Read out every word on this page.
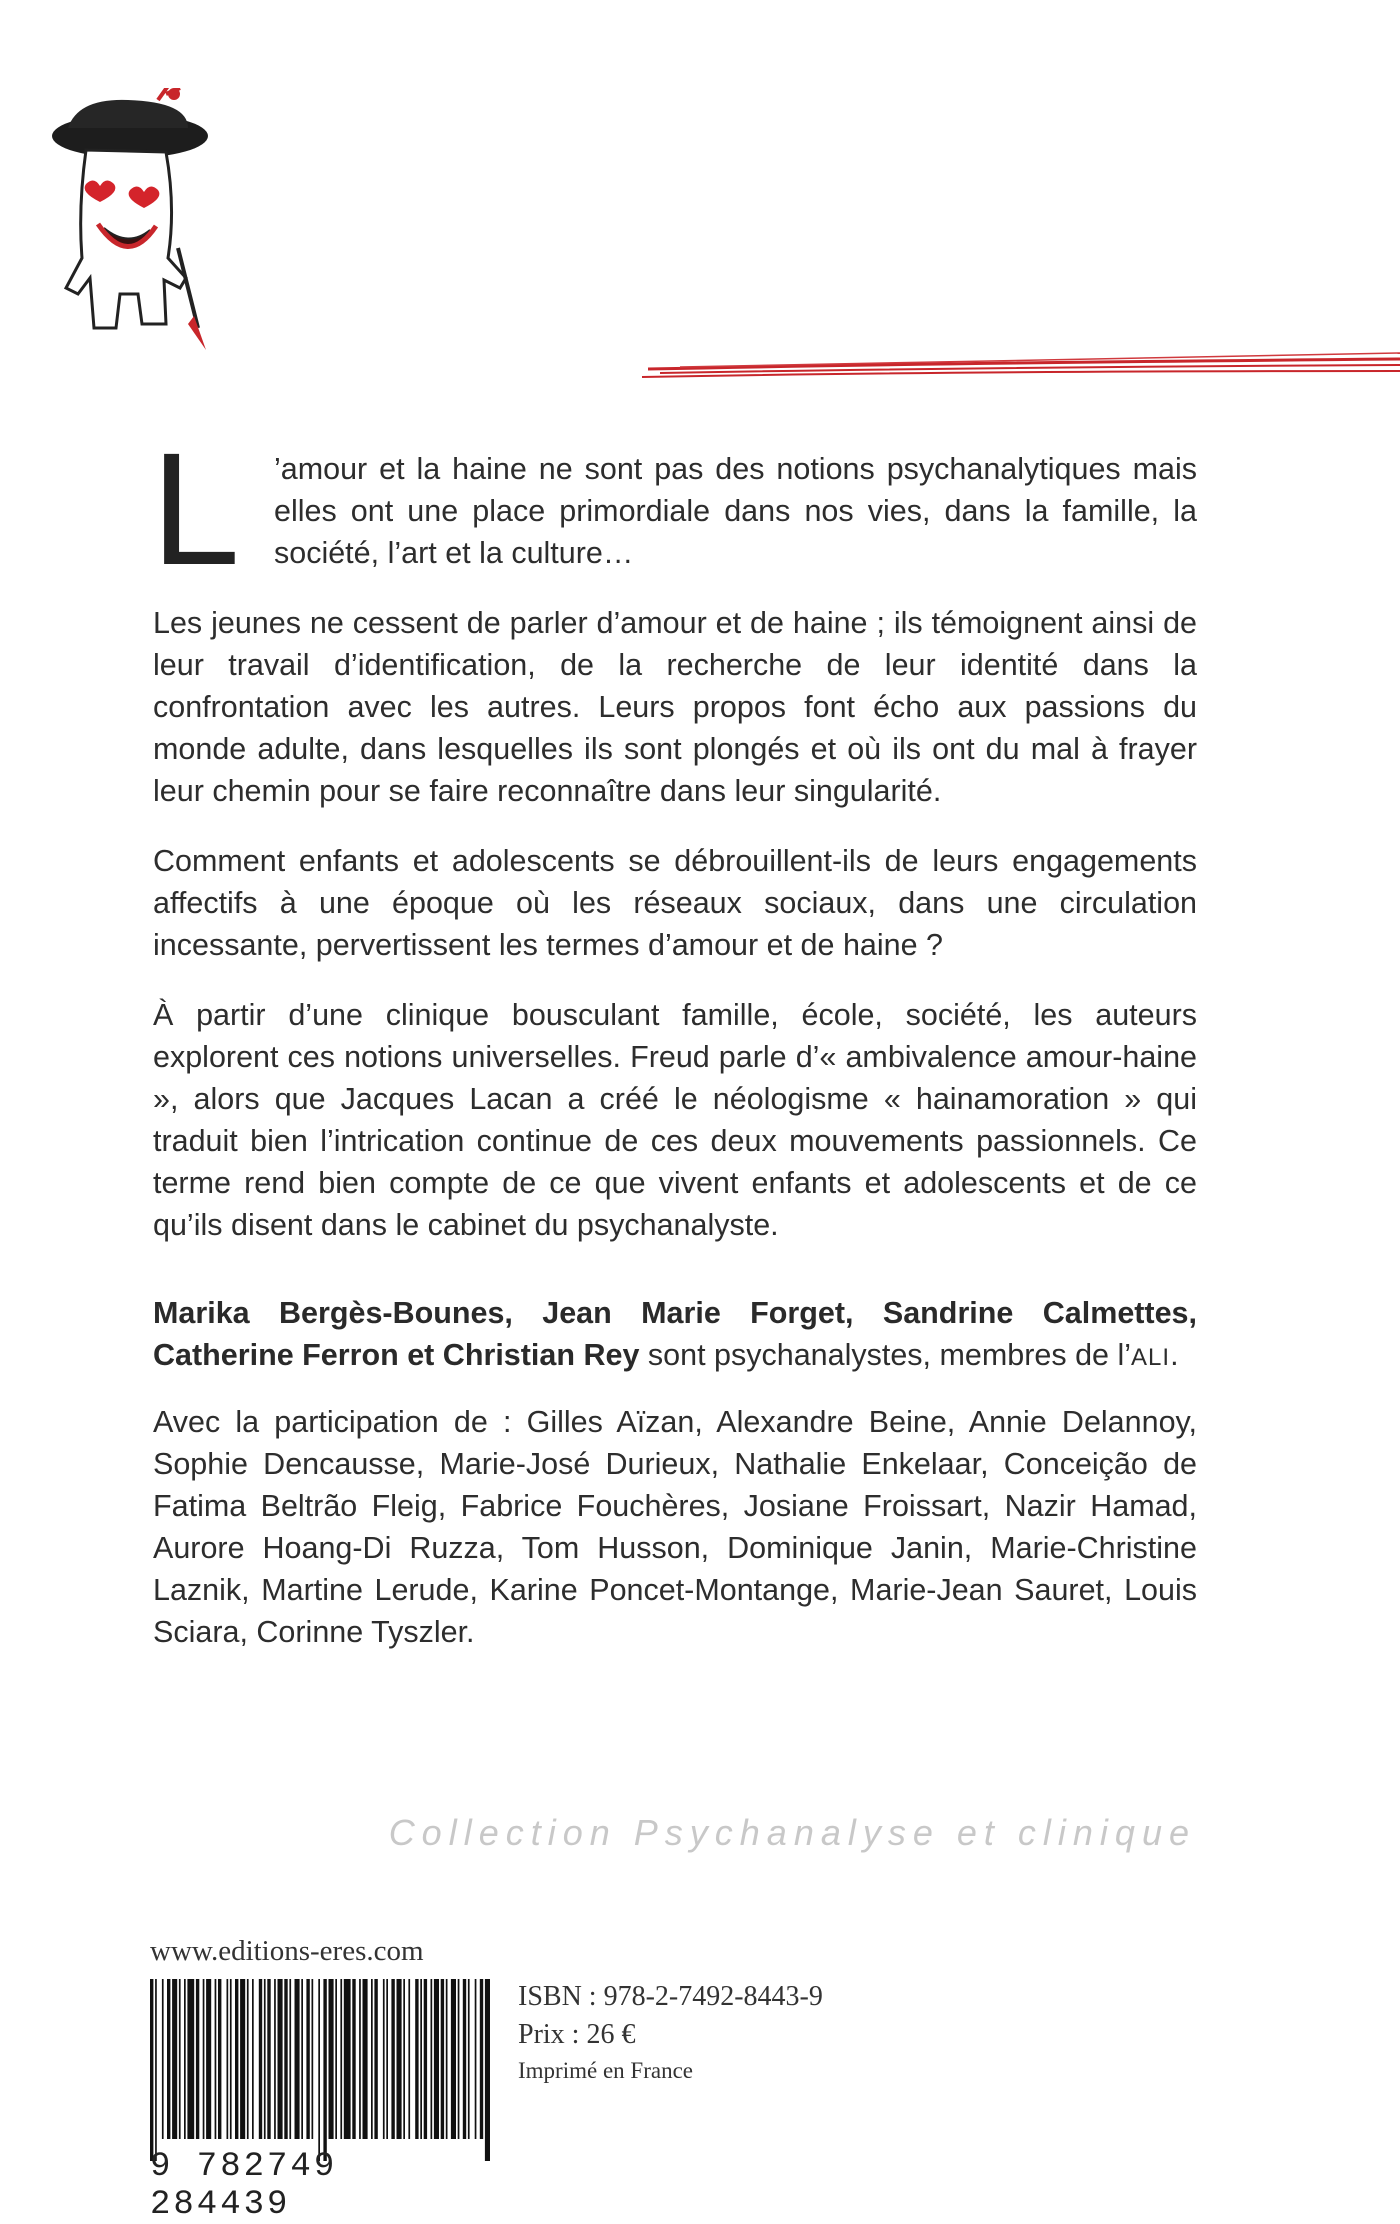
L ’amour et la haine ne sont pas des notions psychanalytiques mais elles ont une place primordiale dans nos vies, dans la famille, la société, l’art et la culture…

Les jeunes ne cessent de parler d’amour et de haine ; ils témoignent ainsi de leur travail d’identification, de la recherche de leur identité dans la confrontation avec les autres. Leurs propos font écho aux passions du monde adulte, dans lesquelles ils sont plongés et où ils ont du mal à frayer leur chemin pour se faire reconnaître dans leur singularité.

Comment enfants et adolescents se débrouillent-ils de leurs engagements affectifs à une époque où les réseaux sociaux, dans une circulation incessante, pervertissent les termes d’amour et de haine ?

À partir d’une clinique bousculant famille, école, société, les auteurs explorent ces notions universelles. Freud parle d’« ambivalence amour-haine », alors que Jacques Lacan a créé le néologisme « hainamoration » qui traduit bien l’intrication continue de ces deux mouvements passionnels. Ce terme rend bien compte de ce que vivent enfants et adolescents et de ce qu’ils disent dans le cabinet du psychanalyste.

Marika Bergès-Bounes, Jean Marie Forget, Sandrine Calmettes, Catherine Ferron et Christian Rey sont psychanalystes, membres de l’ALI.

Avec la participation de : Gilles Aïzan, Alexandre Beine, Annie Delannoy, Sophie Dencausse, Marie-José Durieux, Nathalie Enkelaar, Conceição de Fatima Beltrão Fleig, Fabrice Fouchères, Josiane Froissart, Nazir Hamad, Aurore Hoang-Di Ruzza, Tom Husson, Dominique Janin, Marie-Christine Laznik, Martine Lerude, Karine Poncet-Montange, Marie-Jean Sauret, Louis Sciara, Corinne Tyszler.

Collection Psychanalyse et clinique
www.editions-eres.com
9 782749 284439
ISBN : 978-2-7492-8443-9
Prix : 26 €
Imprimé en France
